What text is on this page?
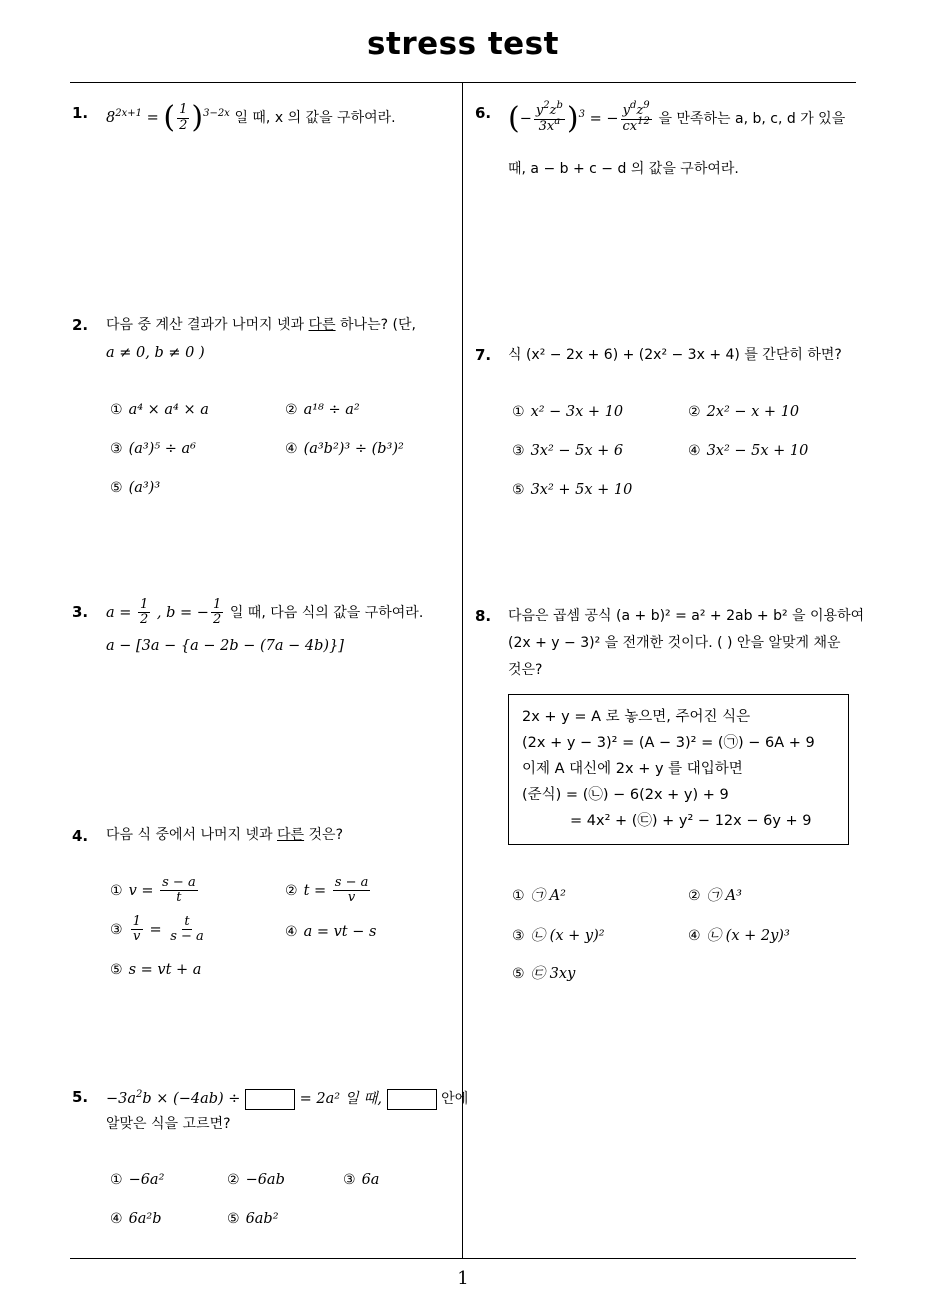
stress test
1
1. $8^{2x+1}$ = ( $\frac{1}{2} )^{3-2x}$ 일 때, x 의 값을 구하여라.
2. 다음 중 계산 결과가 나머지 넷과 다른 하나는? (단,
a ≠ 0, b ≠ 0 )
① a⁴ × a⁴ × a	② a¹⁸ ÷ a²
③ (a³)⁵ ÷ a⁶	④ (a³b²)³ ÷ (b³)²
⑤ (a³)³
3. $a = \frac{1}{2}$ , b = − $\frac{1}{2}$ 일 때, 다음 식의 값을 구하여라.
a − [3a − {a − 2b − (7a − 4b)}]
4. 다음 식 중에서 나머지 넷과 다른 것은?
① $v = \frac{s - a}{t}$	② $t = \frac{s - a}{v}$
③ $\frac{1}{v} = \frac{t}{s - a}$	④ a = vt − s
⑤ s = vt + a
5. $-3a^2b \times (-4ab)$ ÷	= 2a² 일 때,	안에
알맞은 식을 고르면?
① −6a²	② −6ab	③ 6a
④ 6a²b	⑤ 6ab²
6. (− $\frac{y^2z^b}{3x^a} )^3$ = − $\frac{y^dz^9}{cx^{12}}$ 을 만족하는 a, b, c, d 가 있을
때, a − b + c − d 의 값을 구하여라.
7. 식 (x² − 2x + 6) + (2x² − 3x + 4) 를 간단히 하면?
① x² − 3x + 10	② 2x² − x + 10
③ 3x² − 5x + 6	④ 3x² − 5x + 10
⑤ 3x² + 5x + 10
8. 다음은 곱셈 공식 (a + b)² = a² + 2ab + b² 을 이용하여
(2x + y − 3)² 을 전개한 것이다. ( ) 안을 알맞게 채운
것은?
2x + y = A 로 놓으면, 주어진 식은
(2x + y − 3)² = (A − 3)² = (㉠) − 6A + 9
이제 A 대신에 2x + y 를 대입하면
(준식) = (㉡) − 6(2x + y) + 9
= 4x² + (㉢) + y² − 12x − 6y + 9
① ㉠ A²	② ㉠ A³
③ ㉡ (x + y)²	④ ㉡ (x + 2y)³
⑤ ㉢ 3xy
